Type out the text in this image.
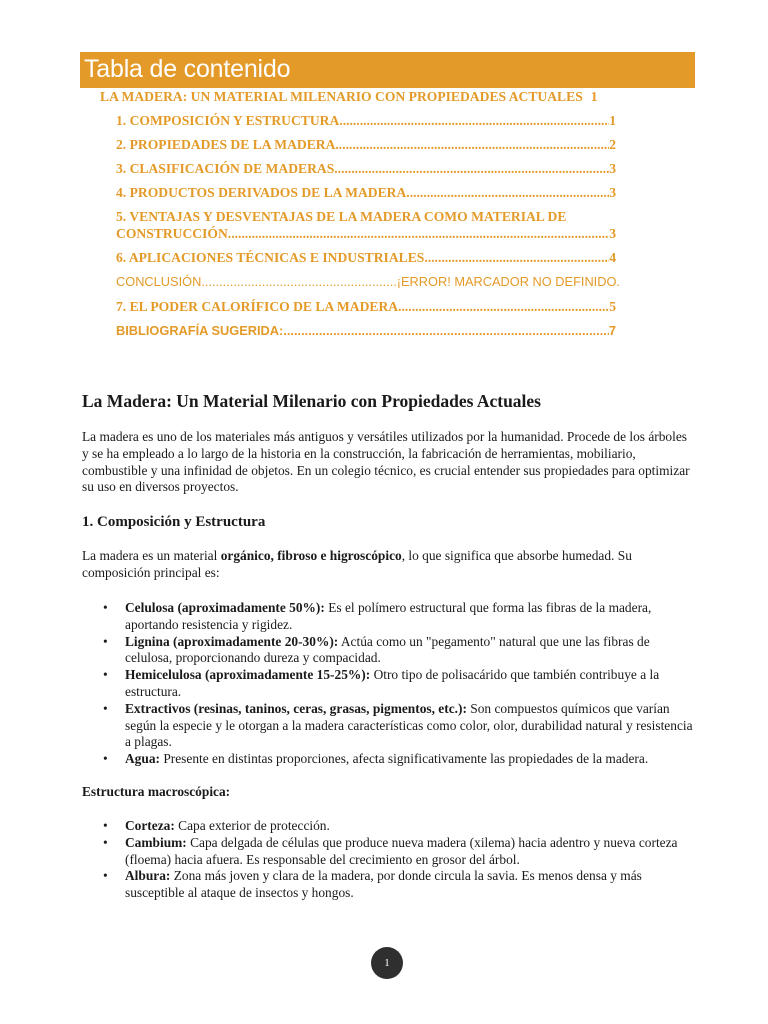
Tabla de contenido
LA MADERA: UN MATERIAL MILENARIO CON PROPIEDADES ACTUALES 1
1. COMPOSICIÓN Y ESTRUCTURA .....	1
2. PROPIEDADES DE LA MADERA .....	2
3. CLASIFICACIÓN DE MADERAS .....	3
4. PRODUCTOS DERIVADOS DE LA MADERA .....	3
5. VENTAJAS Y DESVENTAJAS DE LA MADERA COMO MATERIAL DE
CONSTRUCCIÓN .....	3
6. APLICACIONES TÉCNICAS E INDUSTRIALES .....	4
CONCLUSIÓN .....	¡ERROR! MARCADOR NO DEFINIDO.
7. EL PODER CALORÍFICO DE LA MADERA .....	5
BIBLIOGRAFÍA SUGERIDA: .....	7
La Madera: Un Material Milenario con Propiedades Actuales
La madera es uno de los materiales más antiguos y versátiles utilizados por la humanidad. Procede de los árboles y se ha empleado a lo largo de la historia en la construcción, la fabricación de herramientas, mobiliario, combustible y una infinidad de objetos. En un colegio técnico, es crucial entender sus propiedades para optimizar su uso en diversos proyectos.
1. Composición y Estructura
La madera es un material orgánico, fibroso e higroscópico, lo que significa que absorbe humedad. Su composición principal es:
• Celulosa (aproximadamente 50%): Es el polímero estructural que forma las fibras de la madera, aportando resistencia y rigidez.
• Lignina (aproximadamente 20-30%): Actúa como un "pegamento" natural que une las fibras de celulosa, proporcionando dureza y compacidad.
• Hemicelulosa (aproximadamente 15-25%): Otro tipo de polisacárido que también contribuye a la estructura.
• Extractivos (resinas, taninos, ceras, grasas, pigmentos, etc.): Son compuestos químicos que varían según la especie y le otorgan a la madera características como color, olor, durabilidad natural y resistencia a plagas.
• Agua: Presente en distintas proporciones, afecta significativamente las propiedades de la madera.
Estructura macroscópica:
• Corteza: Capa exterior de protección.
• Cambium: Capa delgada de células que produce nueva madera (xilema) hacia adentro y nueva corteza (floema) hacia afuera. Es responsable del crecimiento en grosor del árbol.
• Albura: Zona más joven y clara de la madera, por donde circula la savia. Es menos densa y más susceptible al ataque de insectos y hongos.
1
